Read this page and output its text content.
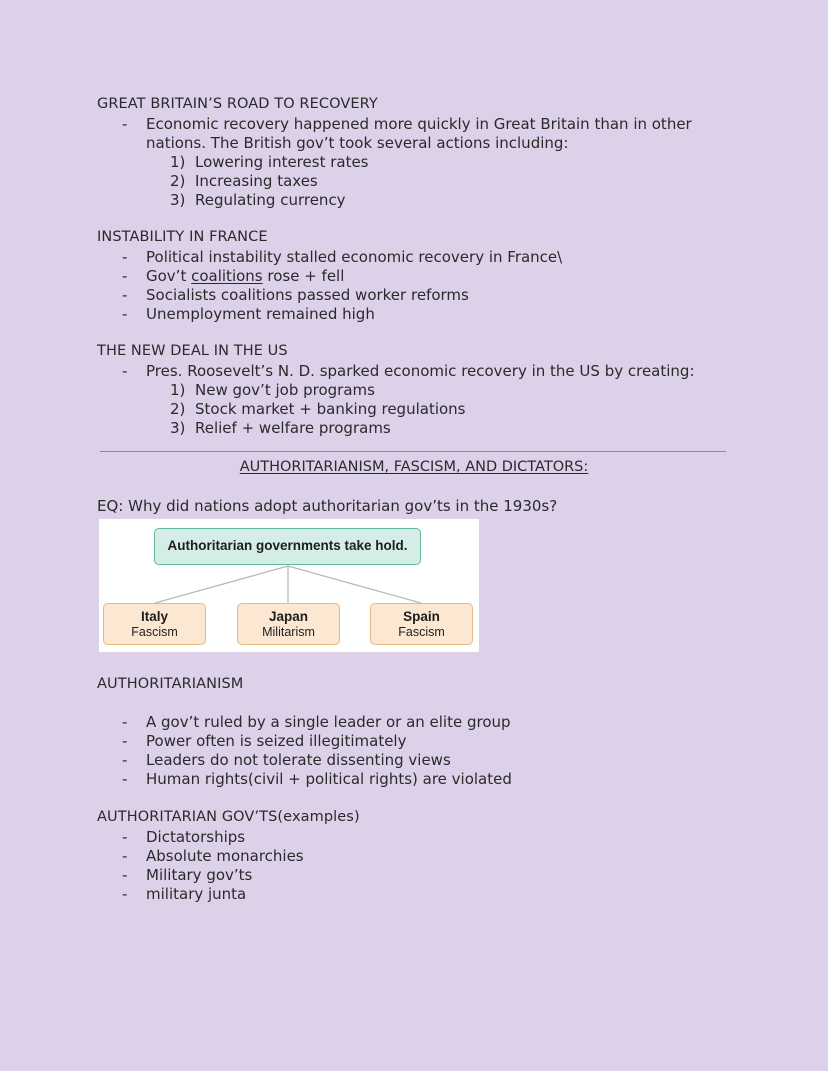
GREAT BRITAIN’S ROAD TO RECOVERY
- Economic recovery happened more quickly in Great Britain than in other
nations. The British gov’t took several actions including:
1) Lowering interest rates
2) Increasing taxes
3) Regulating currency
INSTABILITY IN FRANCE
- Political instability stalled economic recovery in France\
- Gov’t coalitions rose + fell
- Socialists coalitions passed worker reforms
- Unemployment remained high
THE NEW DEAL IN THE US
- Pres. Roosevelt’s N. D. sparked economic recovery in the US by creating:
1) New gov’t job programs
2) Stock market + banking regulations
3) Relief + welfare programs
AUTHORITARIANISM, FASCISM, AND DICTATORS:
EQ: Why did nations adopt authoritarian gov’ts in the 1930s?
Authoritarian governments take hold.
Italy
Fascism
Japan
Militarism
Spain
Fascism
AUTHORITARIANISM
- A gov’t ruled by a single leader or an elite group
- Power often is seized illegitimately
- Leaders do not tolerate dissenting views
- Human rights(civil + political rights) are violated
AUTHORITARIAN GOV’TS(examples)
- Dictatorships
- Absolute monarchies
- Military gov’ts
- military junta
